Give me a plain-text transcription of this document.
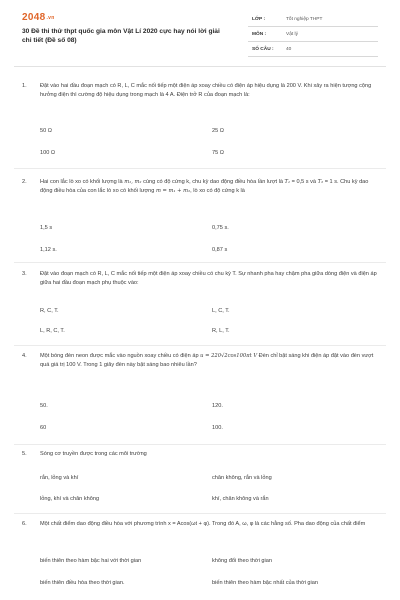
$2048^{.vn}$
30 Đề thi thử thpt quốc gia môn Vật Lí 2020 cực hay nói lời giải chi tiết (Đề số 08)
LỚP :	Tốt nghiệp THPT
MÔN :	Vật lý
SỐ CÂU :	40
1.	Đặt vào hai đầu đoạn mạch có R, L, C mắc nối tiếp một điện áp xoay chiều có điện áp hiệu dụng là 200 V. Khi xảy ra hiện tượng cộng hưởng điện thì cường độ hiệu dụng trong mạch là 4 A. Điện trở R của đoạn mạch là:
50 Ω	25 Ω
100 Ω	75 Ω
2.	Hai con lắc lò xo có khối lượng là m₁, m₂ cùng có độ cứng k, chu kỳ dao động điều hòa lần lượt là T₁ = 0,5 s và T₂ = 1 s. Chu kỳ dao động điều hòa của con lắc lò xo có khối lượng m = m₁ + m₂, lò xo có độ cứng k là
1,5 s	0,75 s.
1,12 s.	0,87 s
3.	Đặt vào đoạn mạch có R, L, C mắc nối tiếp một điện áp xoay chiều có chu kỳ T. Sự nhanh pha hay chậm pha giữa dòng điện và điện áp giữa hai đầu đoạn mạch phụ thuộc vào:
R, C, T.	L, C, T.
L, R, C, T.	R, L, T.
4.	Một bóng đèn neon được mắc vào nguồn xoay chiều có điện áp u = 220√2cos100πt V Đèn chỉ bật sáng khi điện áp đặt vào đèn vượt quá giá trị 100 V. Trong 1 giây đèn này bật sáng bao nhiêu lần?
50.	120.
60	100.
5.	Sóng cơ truyền được trong các môi trường
rắn, lỏng và khí	chân không, rắn và lỏng
lỏng, khí và chân không	khí, chân không và rắn
6.	Một chất điểm dao động điều hòa với phương trình x = Acos(ωt + φ). Trong đó A, ω, φ là các hằng số. Pha dao động của chất điểm
biến thiên theo hàm bậc hai với thời gian	không đổi theo thời gian
biến thiên điều hòa theo thời gian.	biến thiên theo hàm bậc nhất của thời gian
